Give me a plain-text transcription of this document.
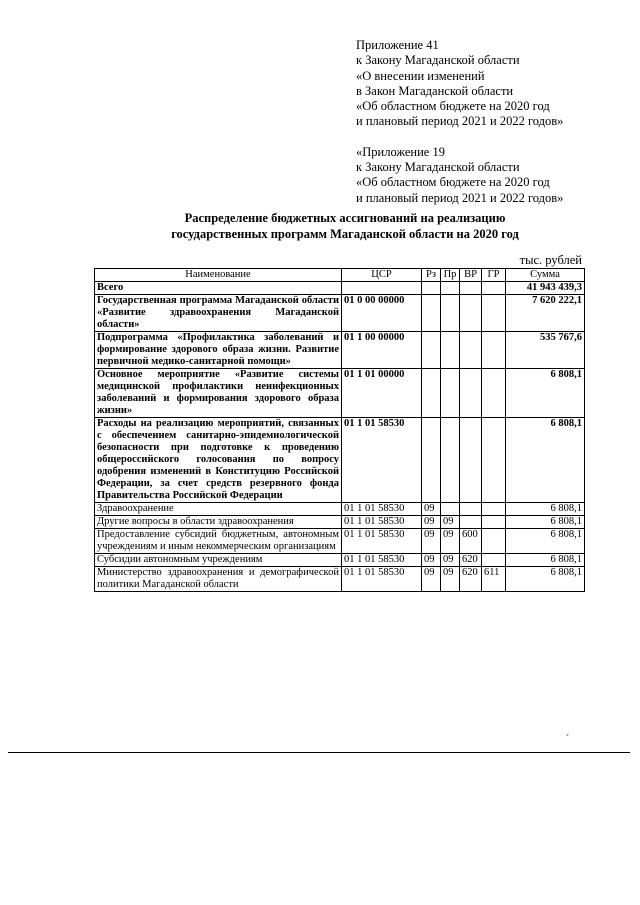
Приложение 41
к Закону Магаданской области
«О внесении изменений
в Закон Магаданской области
«Об областном бюджете на 2020 год
и плановый период 2021 и 2022 годов»
«Приложение 19
к Закону Магаданской области
«Об областном бюджете на 2020 год
и плановый период 2021 и 2022 годов»
Распределение бюджетных ассигнований на реализацию
государственных программ Магаданской области на 2020 год
тыс. рублей
Наименование	ЦСР	Рз	Пр	ВР	ГР	Сумма
Всего						41 943 439,3
Государственная программа Магаданской области «Развитие здравоохранения Магаданской области»	01 0 00 00000					7 620 222,1
Подпрограмма «Профилактика заболеваний и формирование здорового образа жизни. Развитие первичной медико-санитарной помощи»	01 1 00 00000					535 767,6
Основное мероприятие «Развитие системы медицинской профилактики неинфекционных заболеваний и формирования здорового образа жизни»	01 1 01 00000					6 808,1
Расходы на реализацию мероприятий, связанных с обеспечением санитарно-эпидемиологической безопасности при подготовке к проведению общероссийского голосования по вопросу одобрения изменений в Конституцию Российской Федерации, за счет средств резервного фонда Правительства Российской Федерации	01 1 01 58530					6 808,1
Здравоохранение	01 1 01 58530	09				6 808,1
Другие вопросы в области здравоохранения	01 1 01 58530	09	09			6 808,1
Предоставление субсидий бюджетным, автономным учреждениям и иным некоммерческим организациям	01 1 01 58530	09	09	600		6 808,1
Субсидии автономным учреждениям	01 1 01 58530	09	09	620		6 808,1
Министерство здравоохранения и демографической политики Магаданской области	01 1 01 58530	09	09	620	611	6 808,1
ˇ
